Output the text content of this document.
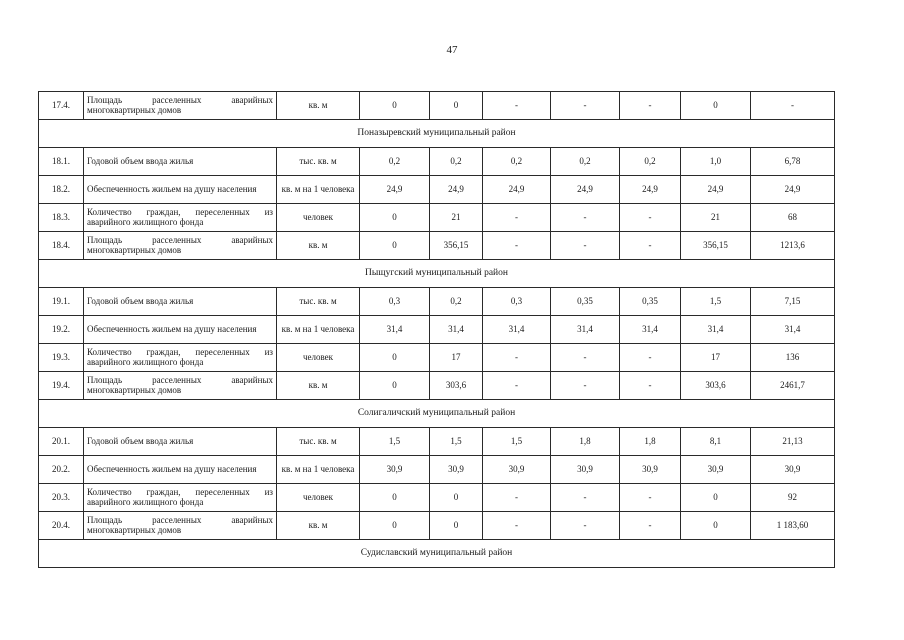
47
17.4.	Площадь расселенных аварийных многоквартирных домов	кв. м	0	0	-	-	-	0	-
Поназыревский муниципальный район									
18.1.	Годовой объем ввода жилья	тыс. кв. м	0,2	0,2	0,2	0,2	0,2	1,0	6,78
18.2.	Обеспеченность жильем на душу населения	кв. м на 1 человека	24,9	24,9	24,9	24,9	24,9	24,9	24,9
18.3.	Количество граждан, переселенных из аварийного жилищного фонда	человек	0	21	-	-	-	21	68
18.4.	Площадь расселенных аварийных многоквартирных домов	кв. м	0	356,15	-	-	-	356,15	1213,6
Пыщугский муниципальный район									
19.1.	Годовой объем ввода жилья	тыс. кв. м	0,3	0,2	0,3	0,35	0,35	1,5	7,15
19.2.	Обеспеченность жильем на душу населения	кв. м на 1 человека	31,4	31,4	31,4	31,4	31,4	31,4	31,4
19.3.	Количество граждан, переселенных из аварийного жилищного фонда	человек	0	17	-	-	-	17	136
19.4.	Площадь расселенных аварийных многоквартирных домов	кв. м	0	303,6	-	-	-	303,6	2461,7
Солигаличский муниципальный район									
20.1.	Годовой объем ввода жилья	тыс. кв. м	1,5	1,5	1,5	1,8	1,8	8,1	21,13
20.2.	Обеспеченность жильем на душу населения	кв. м на 1 человека	30,9	30,9	30,9	30,9	30,9	30,9	30,9
20.3.	Количество граждан, переселенных из аварийного жилищного фонда	человек	0	0	-	-	-	0	92
20.4.	Площадь расселенных аварийных многоквартирных домов	кв. м	0	0	-	-	-	0	1 183,60
Судиславский муниципальный район									
